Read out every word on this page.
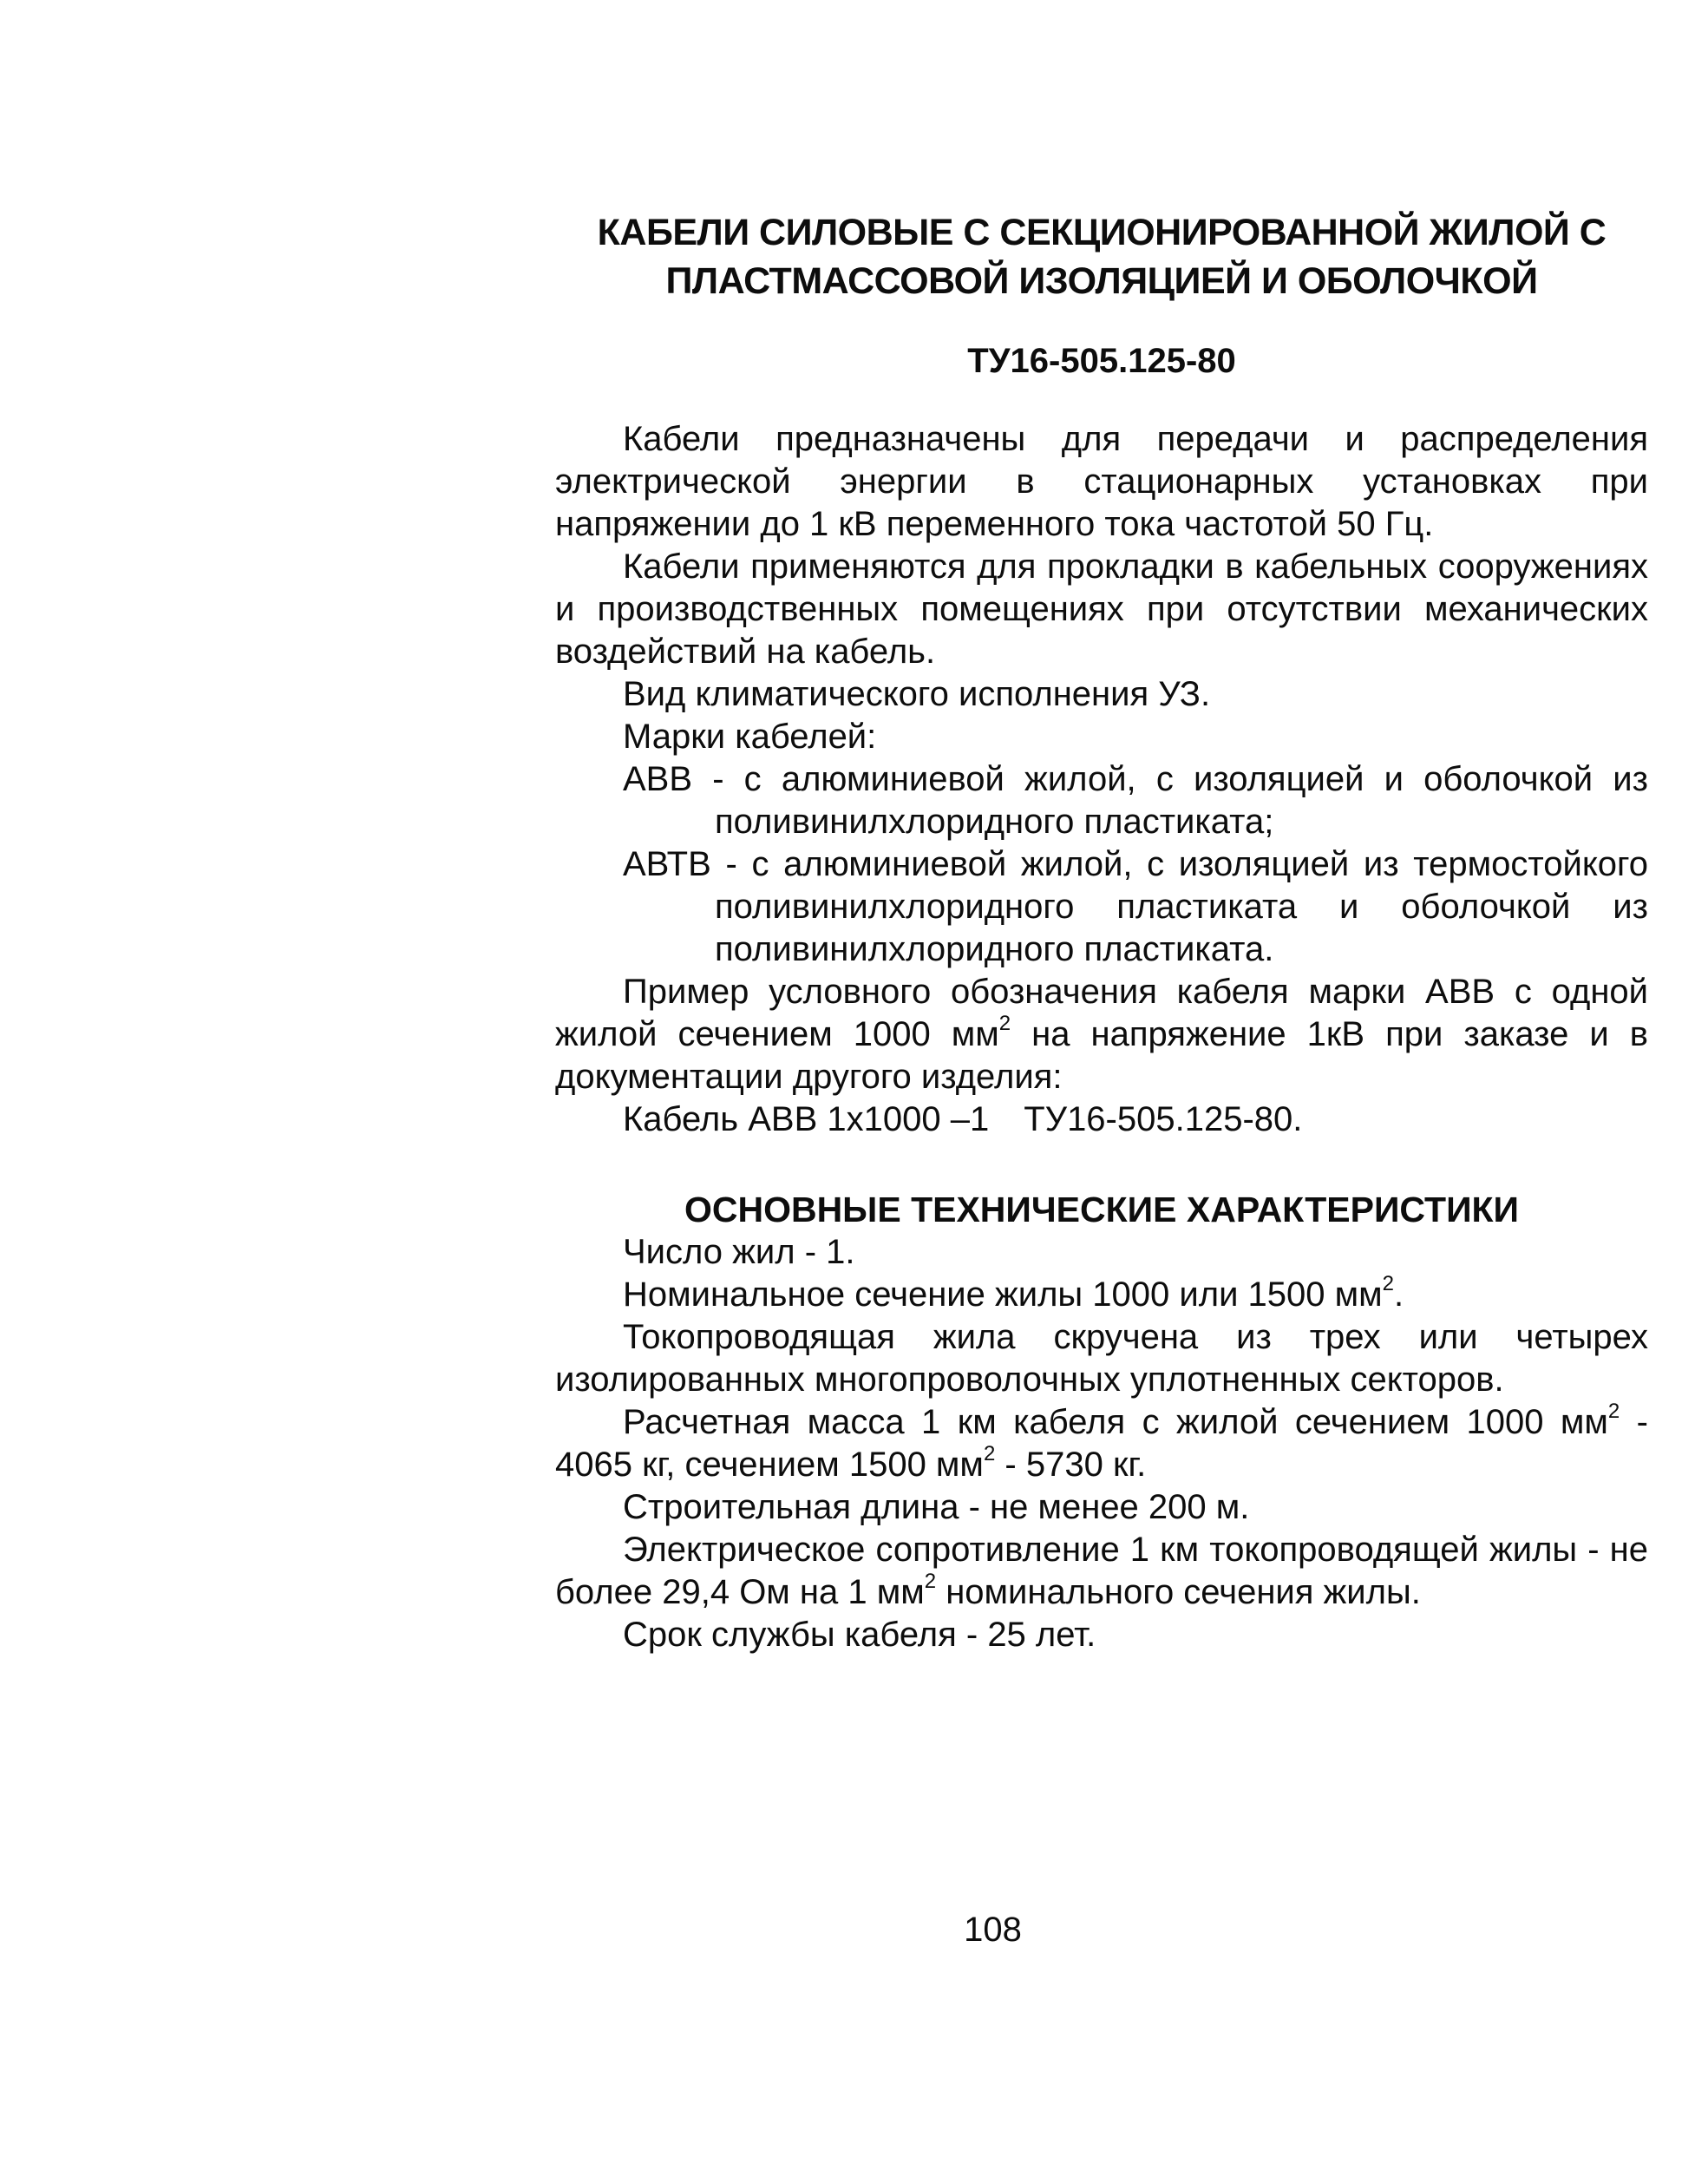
КАБЕЛИ СИЛОВЫЕ С СЕКЦИОНИРОВАННОЙ ЖИЛОЙ С
ПЛАСТМАССОВОЙ ИЗОЛЯЦИЕЙ И ОБОЛОЧКОЙ
ТУ16-505.125-80

Кабели предназначены для передачи и распределения электрической энергии в стационарных установках при напряжении до 1 кВ переменного тока частотой 50 Гц.

Кабели применяются для прокладки в кабельных сооружениях и производственных помещениях при отсутствии механических воздействий на кабель.

Вид климатического исполнения УЗ.

Марки кабелей:

АВВ - с алюминиевой жилой, с изоляцией и оболочкой из поливинилхлоридного пластиката;

АВТВ - с алюминиевой жилой, с изоляцией из термостойкого поливинилхлоридного пластиката и оболочкой из поливинилхлоридного пластиката.

Пример условного обозначения кабеля марки АВВ с одной жилой сечением 1000 $мм^2$ на напряжение 1кВ при заказе и в документации другого изделия:

Кабель АВВ 1х1000 –1 ТУ16-505.125-80.

ОСНОВНЫЕ ТЕХНИЧЕСКИЕ ХАРАКТЕРИСТИКИ

Число жил - 1.

Номинальное сечение жилы 1000 или 1500 $мм^2$.

Токопроводящая жила скручена из трех или четырех изолированных многопроволочных уплотненных секторов.

Расчетная масса 1 км кабеля с жилой сечением 1000 $мм^2 - 4065$ кг, сечением 1500 $мм^2 - 5730$ кг.

Строительная длина - не менее 200 м.

Электрическое сопротивление 1 км токопроводящей жилы - не более 29,4 Ом на 1 $мм^2$ номинального сечения жилы.

Срок службы кабеля - 25 лет.

108
